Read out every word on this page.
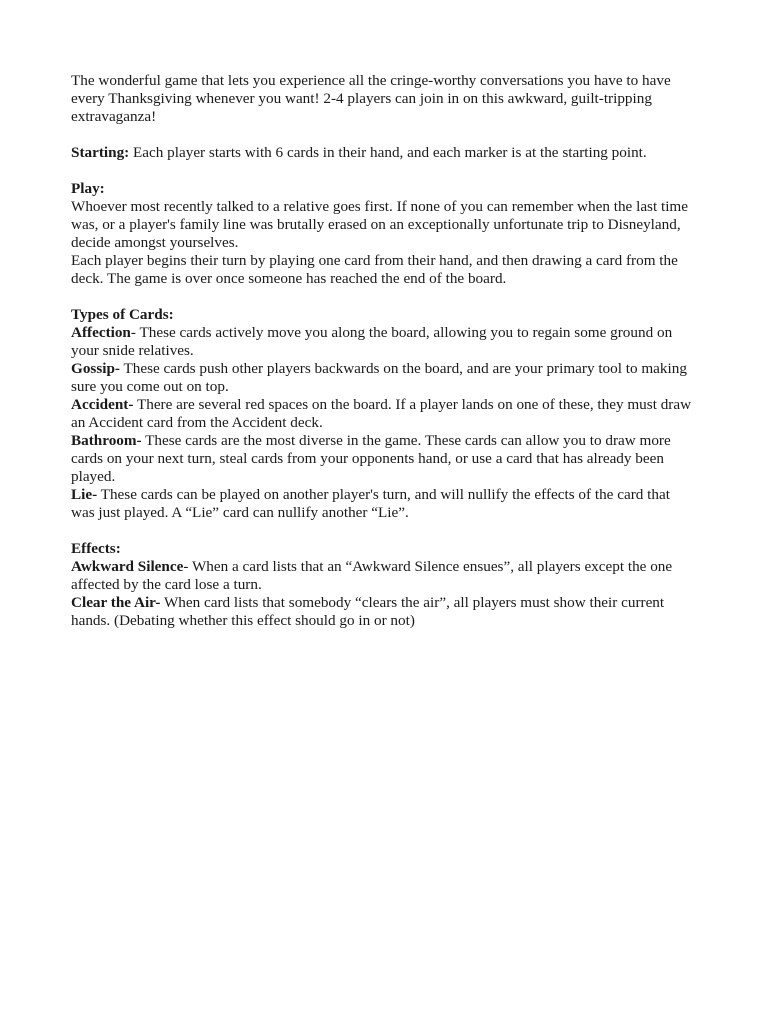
The wonderful game that lets you experience all the cringe-worthy conversations you have to have every Thanksgiving whenever you want! 2-4 players can join in on this awkward, guilt-tripping extravaganza!

Starting: Each player starts with 6 cards in their hand, and each marker is at the starting point.

Play:

Whoever most recently talked to a relative goes first. If none of you can remember when the last time was, or a player's family line was brutally erased on an exceptionally unfortunate trip to Disneyland, decide amongst yourselves.

Each player begins their turn by playing one card from their hand, and then drawing a card from the deck. The game is over once someone has reached the end of the board.

Types of Cards:

Affection- These cards actively move you along the board, allowing you to regain some ground on your snide relatives.

Gossip- These cards push other players backwards on the board, and are your primary tool to making sure you come out on top.

Accident- There are several red spaces on the board. If a player lands on one of these, they must draw an Accident card from the Accident deck.

Bathroom- These cards are the most diverse in the game. These cards can allow you to draw more cards on your next turn, steal cards from your opponents hand, or use a card that has already been played.

Lie- These cards can be played on another player's turn, and will nullify the effects of the card that was just played. A “Lie” card can nullify another “Lie”.

Effects:

Awkward Silence- When a card lists that an “Awkward Silence ensues”, all players except the one affected by the card lose a turn.

Clear the Air- When card lists that somebody “clears the air”, all players must show their current hands. (Debating whether this effect should go in or not)
